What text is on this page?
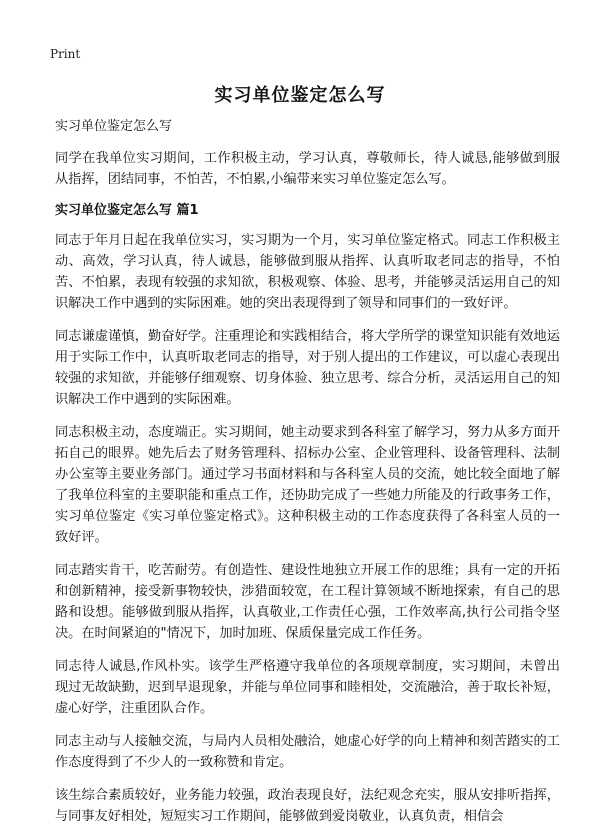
Print
实习单位鉴定怎么写

实习单位鉴定怎么写

同学在我单位实习期间，工作积极主动，学习认真，尊敬师长，待人诚恳,能够做到服从指挥，团结同事，不怕苦，不怕累,小编带来实习单位鉴定怎么写。

实习单位鉴定怎么写 篇1

同志于年月日起在我单位实习，实习期为一个月，实习单位鉴定格式。同志工作积极主动、高效，学习认真，待人诚恳，能够做到服从指挥、认真听取老同志的指导，不怕苦、不怕累，表现有较强的求知欲，积极观察、体验、思考，并能够灵活运用自己的知识解决工作中遇到的实际困难。她的突出表现得到了领导和同事们的一致好评。

同志谦虚谨慎，勤奋好学。注重理论和实践相结合，将大学所学的课堂知识能有效地运用于实际工作中，认真听取老同志的指导，对于别人提出的工作建议，可以虚心表现出较强的求知欲，并能够仔细观察、切身体验、独立思考、综合分析，灵活运用自己的知识解决工作中遇到的实际困难。

同志积极主动，态度端正。实习期间，她主动要求到各科室了解学习，努力从多方面开拓自己的眼界。她先后去了财务管理科、招标办公室、企业管理科、设备管理科、法制办公室等主要业务部门。通过学习书面材料和与各科室人员的交流，她比较全面地了解了我单位科室的主要职能和重点工作，还协助完成了一些她力所能及的行政事务工作，实习单位鉴定《实习单位鉴定格式》。这种积极主动的工作态度获得了各科室人员的一致好评。

同志踏实肯干，吃苦耐劳。有创造性、建设性地独立开展工作的思维；具有一定的开拓和创新精神，接受新事物较快，涉猎面较宽，在工程计算领域不断地探索，有自己的思路和设想。能够做到服从指挥，认真敬业,工作责任心强，工作效率高,执行公司指令坚决。在时间紧迫的"情况下，加时加班、保质保量完成工作任务。

同志待人诚恳,作风朴实。该学生严格遵守我单位的各项规章制度，实习期间，未曾出现过无故缺勤，迟到早退现象，并能与单位同事和睦相处，交流融洽，善于取长补短，虚心好学，注重团队合作。

同志主动与人接触交流，与局内人员相处融洽，她虚心好学的向上精神和刻苦踏实的工作态度得到了不少人的一致称赞和肯定。

该生综合素质较好，业务能力较强，政治表现良好，法纪观念充实，服从安排听指挥，与同事友好相处，短短实习工作期间，能够做到爱岗敬业，认真负责，相信会
